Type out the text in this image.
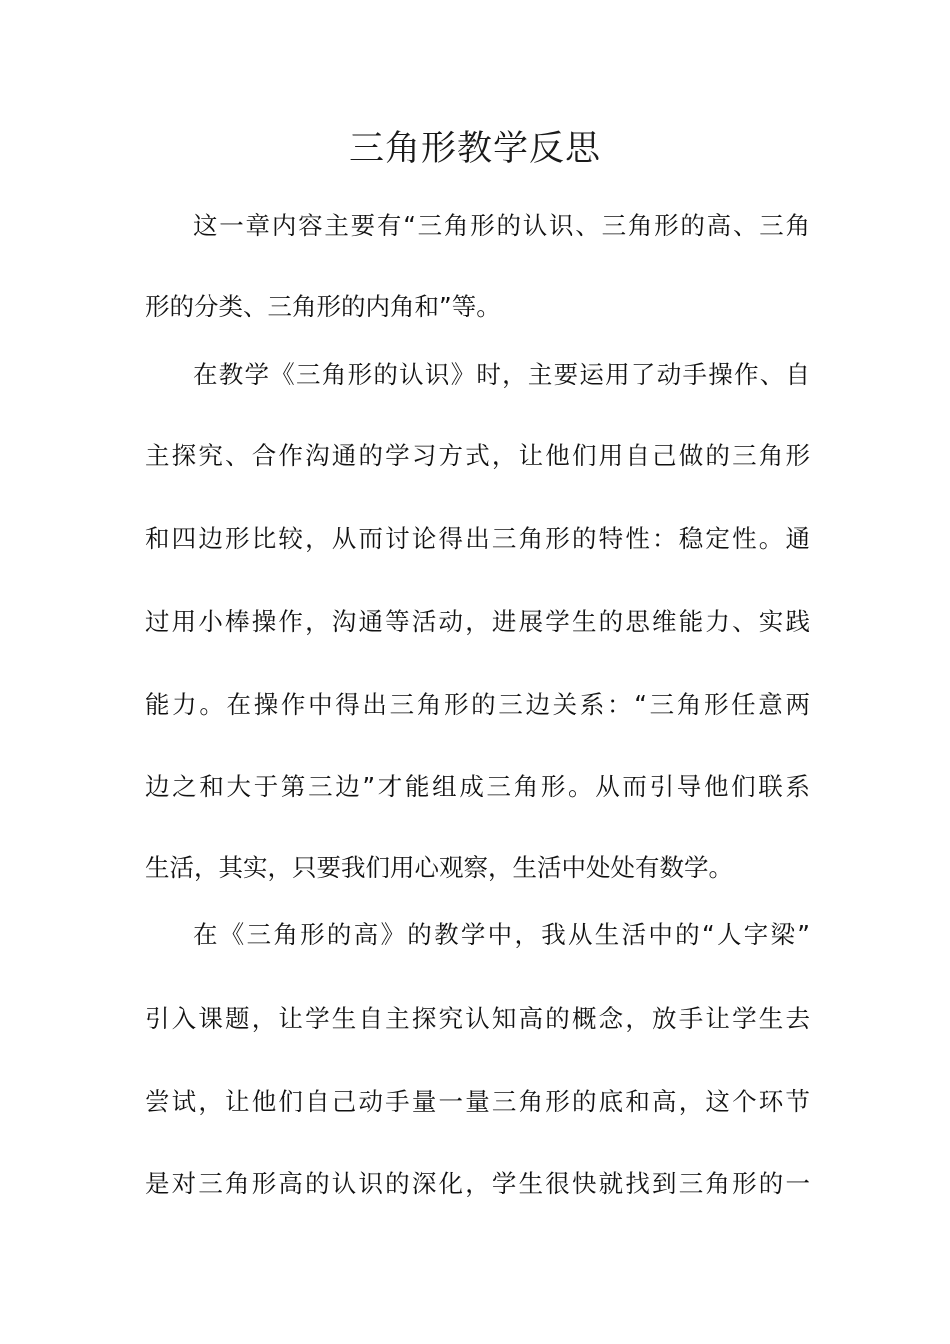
三角形教学反思
这一章内容主要有“三角形的认识、三角形的高、三角
形的分类、三角形的内角和”等。
在教学《三角形的认识》时，主要运用了动手操作、自
主探究、合作沟通的学习方式，让他们用自己做的三角形
和四边形比较，从而讨论得出三角形的特性：稳定性。通
过用小棒操作，沟通等活动，进展学生的思维能力、实践
能力。在操作中得出三角形的三边关系：“三角形任意两
边之和大于第三边”才能组成三角形。从而引导他们联系
生活，其实，只要我们用心观察，生活中处处有数学。
在《三角形的高》的教学中，我从生活中的“人字梁”
引入课题，让学生自主探究认知高的概念，放手让学生去
尝试，让他们自己动手量一量三角形的底和高，这个环节
是对三角形高的认识的深化，学生很快就找到三角形的一
